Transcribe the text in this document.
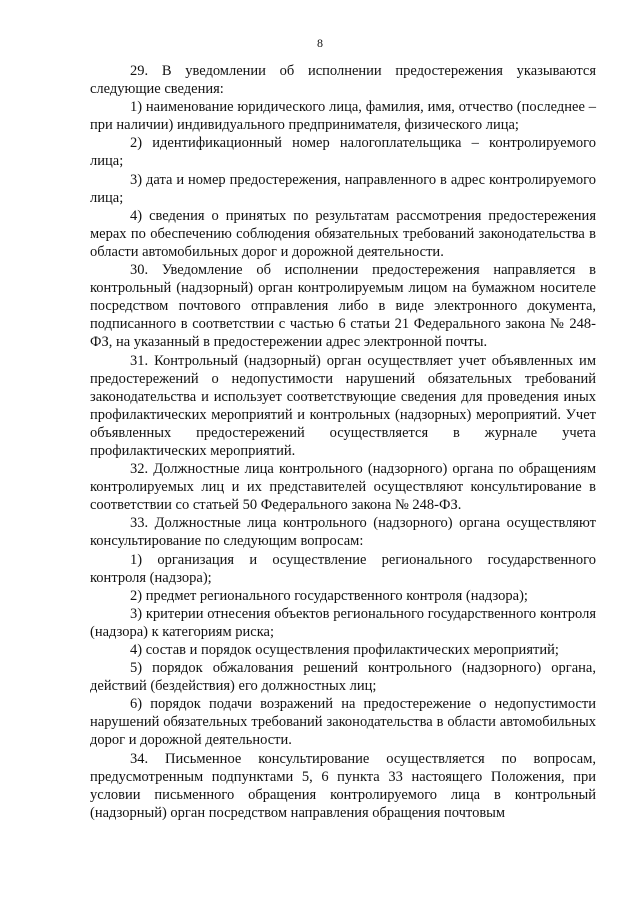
8

29. В уведомлении об исполнении предостережения указываются следующие сведения:

1) наименование юридического лица, фамилия, имя, отчество (последнее – при наличии) индивидуального предпринимателя, физического лица;

2) идентификационный номер налогоплательщика – контролируемого лица;

3) дата и номер предостережения, направленного в адрес контролируемого лица;

4) сведения о принятых по результатам рассмотрения предостережения мерах по обеспечению соблюдения обязательных требований законодательства в области автомобильных дорог и дорожной деятельности.

30. Уведомление об исполнении предостережения направляется в контрольный (надзорный) орган контролируемым лицом на бумажном носителе посредством почтового отправления либо в виде электронного документа, подписанного в соответствии с частью 6 статьи 21 Федерального закона № 248-ФЗ, на указанный в предостережении адрес электронной почты.

31. Контрольный (надзорный) орган осуществляет учет объявленных им предостережений о недопустимости нарушений обязательных требований законодательства и использует соответствующие сведения для проведения иных профилактических мероприятий и контрольных (надзорных) мероприятий. Учет объявленных предостережений осуществляется в журнале учета профилактических мероприятий.

32. Должностные лица контрольного (надзорного) органа по обращениям контролируемых лиц и их представителей осуществляют консультирование в соответствии со статьей 50 Федерального закона № 248-ФЗ.

33. Должностные лица контрольного (надзорного) органа осуществляют консультирование по следующим вопросам:

1) организация и осуществление регионального государственного контроля (надзора);

2) предмет регионального государственного контроля (надзора);

3) критерии отнесения объектов регионального государственного контроля (надзора) к категориям риска;

4) состав и порядок осуществления профилактических мероприятий;

5) порядок обжалования решений контрольного (надзорного) органа, действий (бездействия) его должностных лиц;

6) порядок подачи возражений на предостережение о недопустимости нарушений обязательных требований законодательства в области автомобильных дорог и дорожной деятельности.

34. Письменное консультирование осуществляется по вопросам, предусмотренным подпунктами 5, 6 пункта 33 настоящего Положения, при условии письменного обращения контролируемого лица в контрольный (надзорный) орган посредством направления обращения почтовым
